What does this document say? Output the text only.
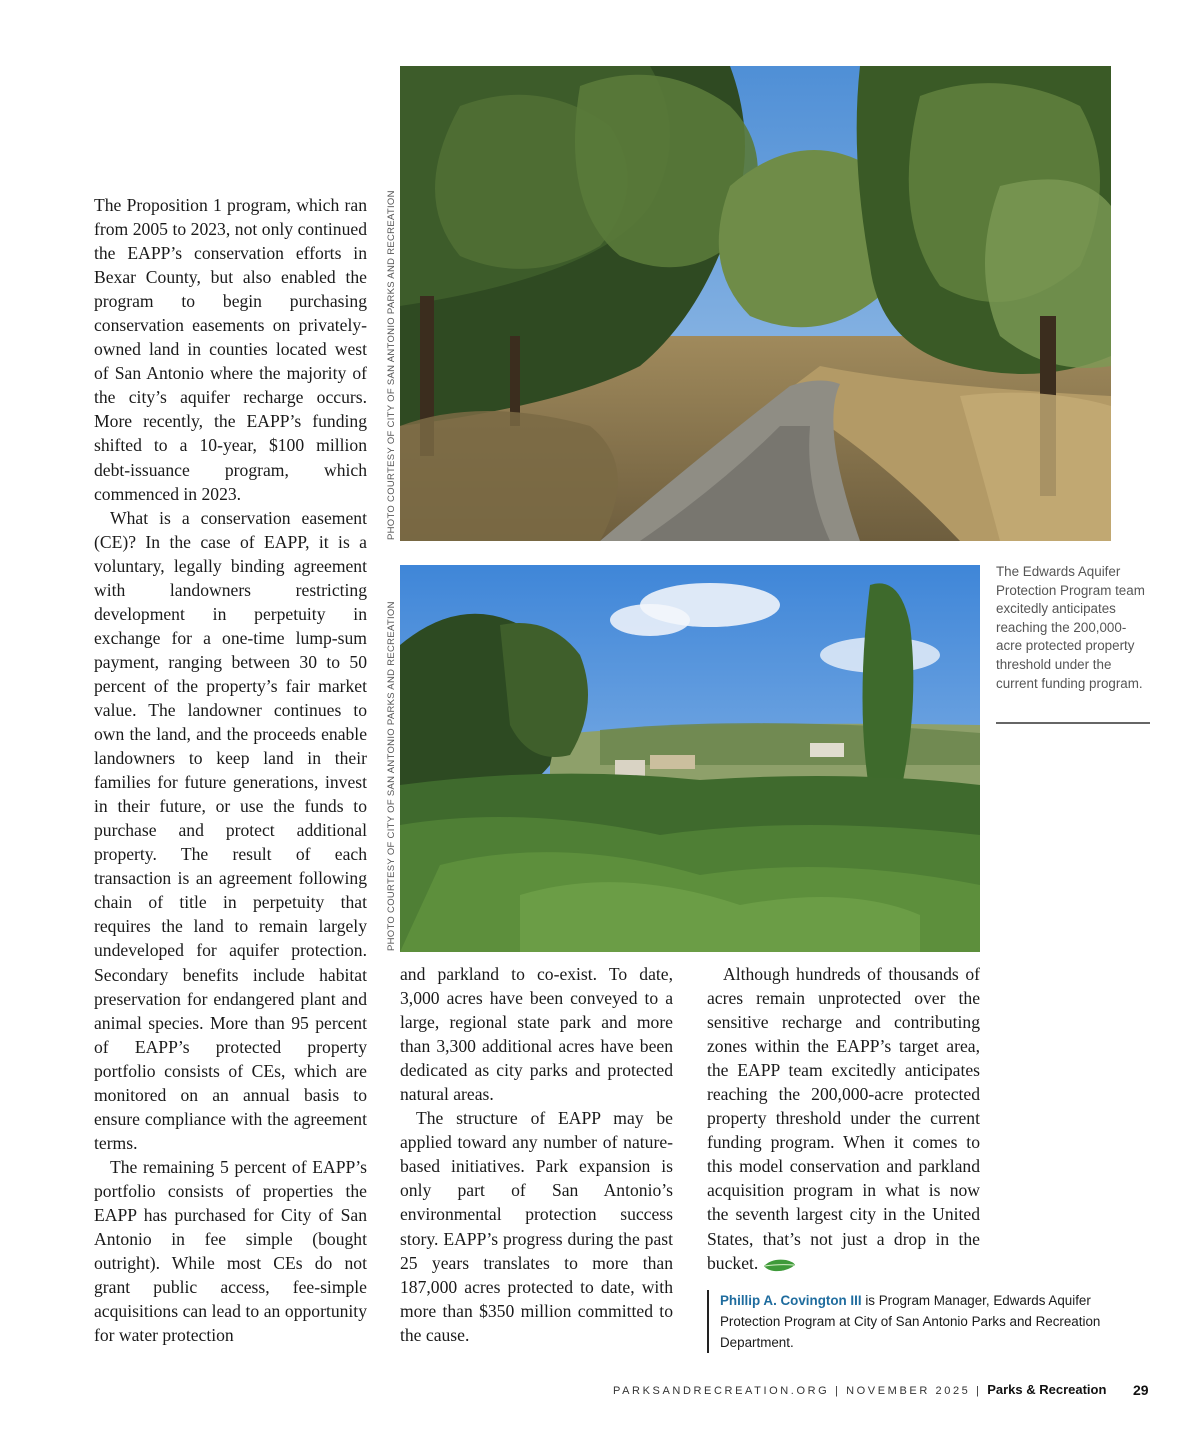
The Proposition 1 program, which ran from 2005 to 2023, not only continued the EAPP’s conservation efforts in Bexar County, but also enabled the program to begin purchasing conservation easements on privately-owned land in counties located west of San Antonio where the majority of the city’s aquifer recharge occurs. More recently, the EAPP’s funding shifted to a 10-year, $100 million debt-issuance program, which commenced in 2023.

What is a conservation easement (CE)? In the case of EAPP, it is a voluntary, legally binding agreement with landowners restricting development in perpetuity in exchange for a one-time lump-sum payment, ranging between 30 to 50 percent of the property’s fair market value. The landowner continues to own the land, and the proceeds enable landowners to keep land in their families for future generations, invest in their future, or use the funds to purchase and protect additional property. The result of each transaction is an agreement following chain of title in perpetuity that requires the land to remain largely undeveloped for aquifer protection. Secondary benefits include habitat preservation for endangered plant and animal species. More than 95 percent of EAPP’s protected property portfolio consists of CEs, which are monitored on an annual basis to ensure compliance with the agreement terms.

The remaining 5 percent of EAPP’s portfolio consists of properties the EAPP has purchased for City of San Antonio in fee simple (bought outright). While most CEs do not grant public access, fee-simple acquisitions can lead to an opportunity for water protection

PHOTO COURTESY OF CITY OF SAN ANTONIO PARKS AND RECREATION
PHOTO COURTESY OF CITY OF SAN ANTONIO PARKS AND RECREATION
The Edwards Aquifer Protection Program team excitedly anticipates reaching the 200,000-acre protected property threshold under the current funding program.

and parkland to co-exist. To date, 3,000 acres have been conveyed to a large, regional state park and more than 3,300 additional acres have been dedicated as city parks and protected natural areas.

The structure of EAPP may be applied toward any number of nature-based initiatives. Park expansion is only part of San Antonio’s environmental protection success story. EAPP’s progress during the past 25 years translates to more than 187,000 acres protected to date, with more than $350 million committed to the cause.

Although hundreds of thousands of acres remain unprotected over the sensitive recharge and contributing zones within the EAPP’s target area, the EAPP team excitedly anticipates reaching the 200,000-acre protected property threshold under the current funding program. When it comes to this model conservation and parkland acquisition program in what is now the seventh largest city in the United States, that’s not just a drop in the bucket.

Phillip A. Covington III is Program Manager, Edwards Aquifer Protection Program at City of San Antonio Parks and Recreation Department.
PARKSANDRECREATION.ORG | NOVEMBER 2025 | Parks & Recreation 29
